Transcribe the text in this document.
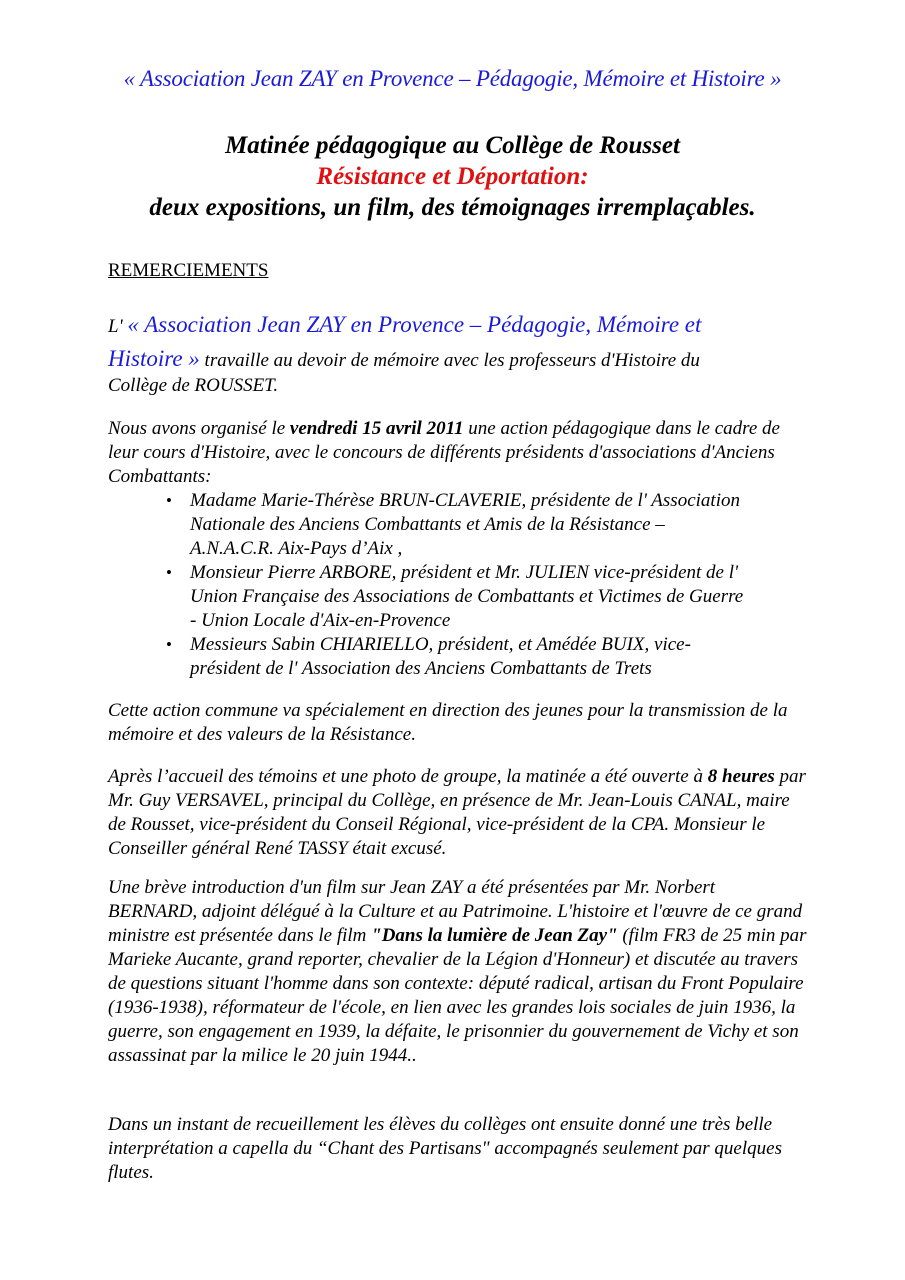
« Association Jean ZAY en Provence – Pédagogie, Mémoire et Histoire »
Matinée pédagogique au Collège de Rousset
Résistance et Déportation:
deux expositions, un film, des témoignages irremplaçables.
REMERCIEMENTS
L' « Association Jean ZAY en Provence – Pédagogie, Mémoire et
Histoire » travaille au devoir de mémoire avec les professeurs d'Histoire du
Collège de ROUSSET.
Nous avons organisé le vendredi 15 avril 2011 une action pédagogique dans le cadre de leur cours d'Histoire, avec le concours de différents présidents d'associations d'Anciens Combattants:
• Madame Marie-Thérèse BRUN-CLAVERIE, présidente de l' Association
Nationale des Anciens Combattants et Amis de la Résistance –
A.N.A.C.R. Aix-Pays d’Aix ,
• Monsieur Pierre ARBORE, président et Mr. JULIEN vice-président de l'
Union Française des Associations de Combattants et Victimes de Guerre
- Union Locale d'Aix-en-Provence
• Messieurs Sabin CHIARIELLO, président, et Amédée BUIX, vice-
président de l' Association des Anciens Combattants de Trets
Cette action commune va spécialement en direction des jeunes pour la transmission de la mémoire et des valeurs de la Résistance.
Après l’accueil des témoins et une photo de groupe, la matinée a été ouverte à 8 heures par Mr. Guy VERSAVEL, principal du Collège, en présence de Mr. Jean-Louis CANAL, maire de Rousset, vice-président du Conseil Régional, vice-président de la CPA. Monsieur le Conseiller général René TASSY était excusé.
Une brève introduction d'un film sur Jean ZAY a été présentées par Mr. Norbert BERNARD, adjoint délégué à la Culture et au Patrimoine. L'histoire et l'œuvre de ce grand ministre est présentée dans le film "Dans la lumière de Jean Zay" (film FR3 de 25 min par Marieke Aucante, grand reporter, chevalier de la Légion d'Honneur) et discutée au travers de questions situant l'homme dans son contexte: député radical, artisan du Front Populaire (1936-1938), réformateur de l'école, en lien avec les grandes lois sociales de juin 1936, la guerre, son engagement en 1939, la défaite, le prisonnier du gouvernement de Vichy et son assassinat par la milice le 20 juin 1944..
Dans un instant de recueillement les élèves du collèges ont ensuite donné une très belle interprétation a capella du “Chant des Partisans" accompagnés seulement par quelques flutes.
